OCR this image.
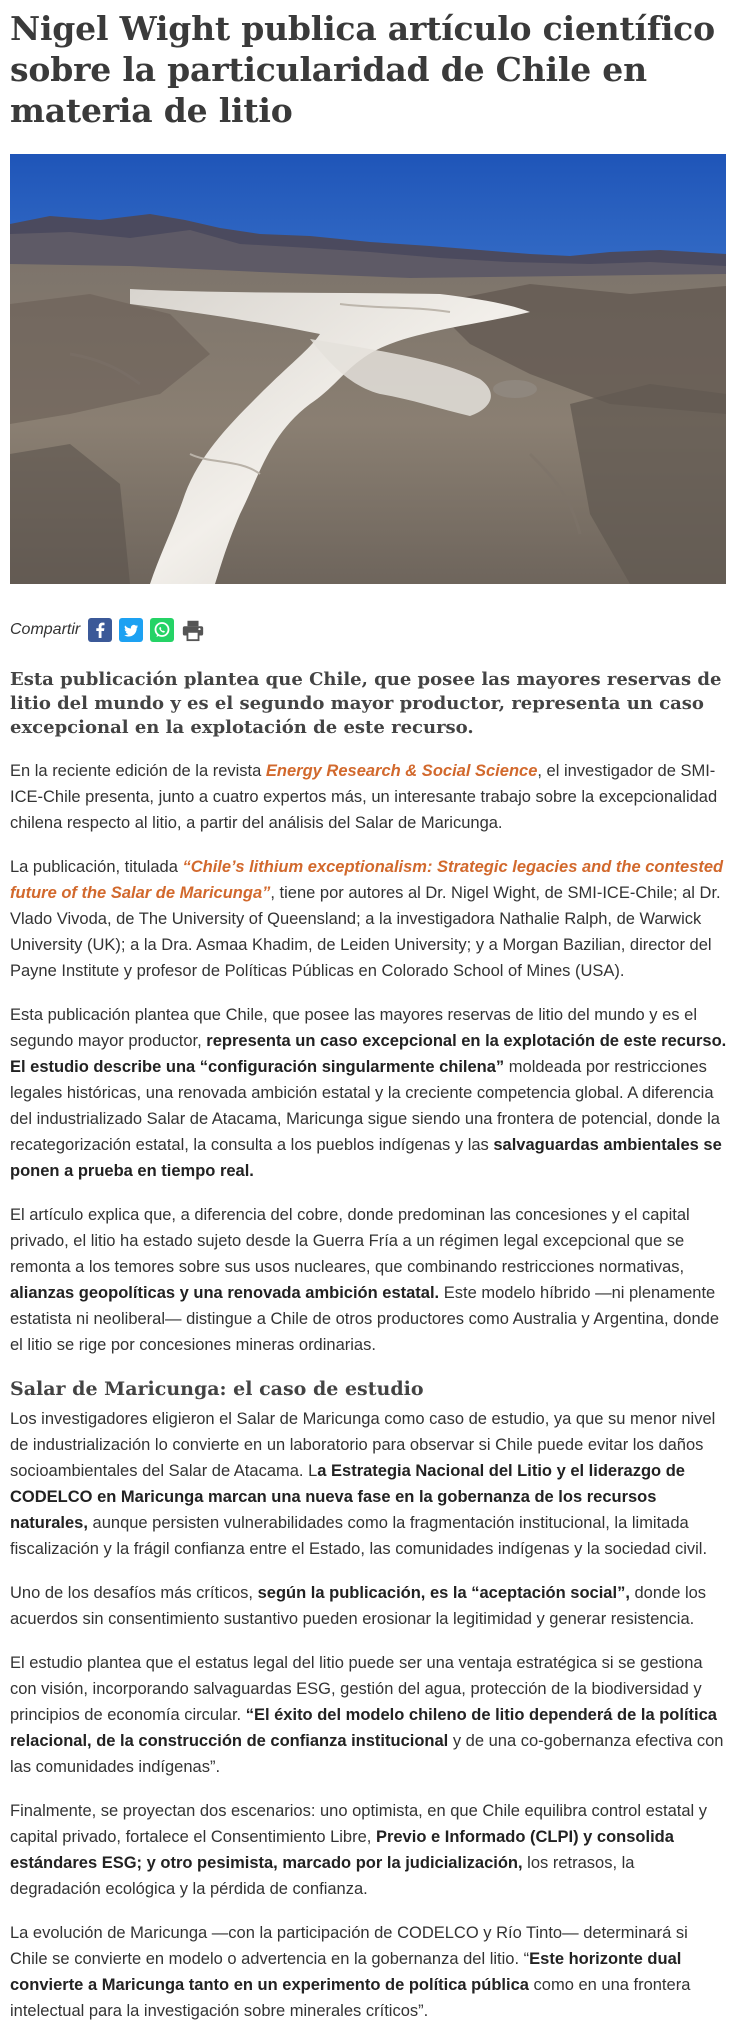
Nigel Wight publica artículo científico sobre la particularidad de Chile en materia de litio
Compartir
Esta publicación plantea que Chile, que posee las mayores reservas de litio del mundo y es el segundo mayor productor, representa un caso excepcional en la explotación de este recurso.

En la reciente edición de la revista Energy Research & Social Science, el investigador de SMI-ICE-Chile presenta, junto a cuatro expertos más, un interesante trabajo sobre la excepcionalidad chilena respecto al litio, a partir del análisis del Salar de Maricunga.

La publicación, titulada “Chile’s lithium exceptionalism: Strategic legacies and the contested future of the Salar de Maricunga”, tiene por autores al Dr. Nigel Wight, de SMI-ICE-Chile; al Dr. Vlado Vivoda, de The University of Queensland; a la investigadora Nathalie Ralph, de Warwick University (UK); a la Dra. Asmaa Khadim, de Leiden University; y a Morgan Bazilian, director del Payne Institute y profesor de Políticas Públicas en Colorado School of Mines (USA).

Esta publicación plantea que Chile, que posee las mayores reservas de litio del mundo y es el segundo mayor productor, representa un caso excepcional en la explotación de este recurso. El estudio describe una “configuración singularmente chilena” moldeada por restricciones legales históricas, una renovada ambición estatal y la creciente competencia global. A diferencia del industrializado Salar de Atacama, Maricunga sigue siendo una frontera de potencial, donde la recategorización estatal, la consulta a los pueblos indígenas y las salvaguardas ambientales se ponen a prueba en tiempo real.

El artículo explica que, a diferencia del cobre, donde predominan las concesiones y el capital privado, el litio ha estado sujeto desde la Guerra Fría a un régimen legal excepcional que se remonta a los temores sobre sus usos nucleares, que combinando restricciones normativas, alianzas geopolíticas y una renovada ambición estatal. Este modelo híbrido —ni plenamente estatista ni neoliberal— distingue a Chile de otros productores como Australia y Argentina, donde el litio se rige por concesiones mineras ordinarias.

Salar de Maricunga: el caso de estudio

Los investigadores eligieron el Salar de Maricunga como caso de estudio, ya que su menor nivel de industrialización lo convierte en un laboratorio para observar si Chile puede evitar los daños socioambientales del Salar de Atacama. La Estrategia Nacional del Litio y el liderazgo de CODELCO en Maricunga marcan una nueva fase en la gobernanza de los recursos naturales, aunque persisten vulnerabilidades como la fragmentación institucional, la limitada fiscalización y la frágil confianza entre el Estado, las comunidades indígenas y la sociedad civil.

Uno de los desafíos más críticos, según la publicación, es la “aceptación social”, donde los acuerdos sin consentimiento sustantivo pueden erosionar la legitimidad y generar resistencia.

El estudio plantea que el estatus legal del litio puede ser una ventaja estratégica si se gestiona con visión, incorporando salvaguardas ESG, gestión del agua, protección de la biodiversidad y principios de economía circular. “El éxito del modelo chileno de litio dependerá de la política relacional, de la construcción de confianza institucional y de una co-gobernanza efectiva con las comunidades indígenas”.

Finalmente, se proyectan dos escenarios: uno optimista, en que Chile equilibra control estatal y capital privado, fortalece el Consentimiento Libre, Previo e Informado (CLPI) y consolida estándares ESG; y otro pesimista, marcado por la judicialización, los retrasos, la degradación ecológica y la pérdida de confianza.

La evolución de Maricunga —con la participación de CODELCO y Río Tinto— determinará si Chile se convierte en modelo o advertencia en la gobernanza del litio. “Este horizonte dual convierte a Maricunga tanto en un experimento de política pública como en una frontera intelectual para la investigación sobre minerales críticos”.
